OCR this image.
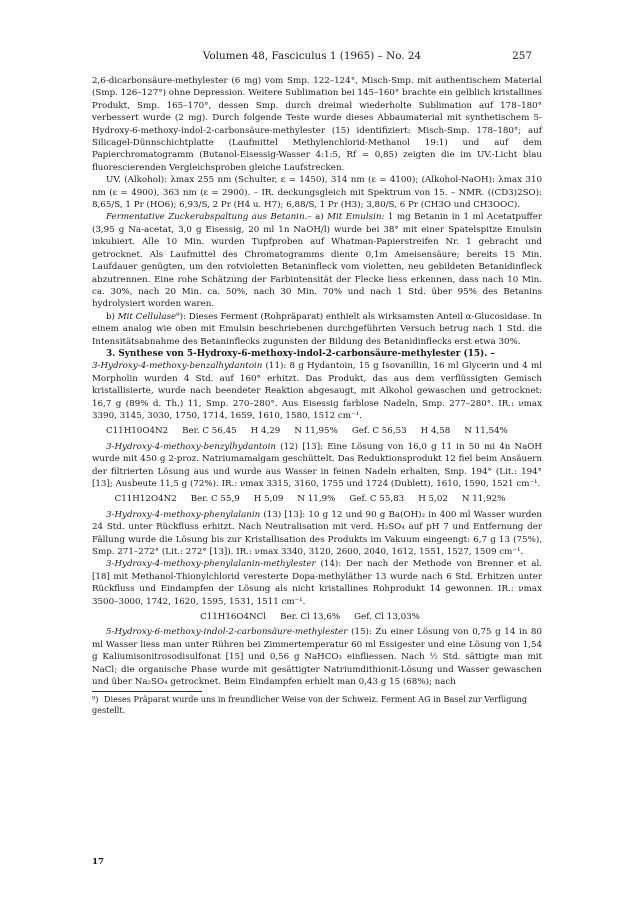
Volumen 48, Fasciculus 1 (1965) – No. 24	257

2,6-dicarbonsäure-methylester (6 mg) vom Smp. 122–124°, Misch-Smp. mit authentischem Material (Smp. 126–127°) ohne Depression. Weitere Sublimation bei 145–160° brachte ein gelblich kristallines Produkt, Smp. 165–170°, dessen Smp. durch dreimal wiederholte Sublimation auf 178–180° verbessert wurde (2 mg). Durch folgende Teste wurde dieses Abbaumaterial mit synthetischem 5-Hydroxy-6-methoxy-indol-2-carbonsäure-methylester (15) identifiziert: Misch-Smp. 178–180°; auf Silicagel-Dünnschichtplatte (Laufmittel Methylenchlorid-Methanol 19:1) und auf dem Papierchromatogramm (Butanol-Eisessig-Wasser 4:1:5, Rf = 0,85) zeigten die im UV.-Licht blau fluorescierenden Vergleichsproben gleiche Laufstrecken.

UV. (Alkohol): λmax 255 nm (Schulter, ε = 1450), 314 nm (ε = 4100); (Alkohol-NaOH): λmax 310 nm (ε = 4900), 363 nm (ε = 2900). – IR. deckungsgleich mit Spektrum von 15. – NMR. ((CD3)2SO): 8,65/S, 1 Pr (HO6); 6,93/S, 2 Pr (H4 u. H7); 6,88/S, 1 Pr (H3); 3,80/S, 6 Pr (CH3O und CH3OOC).

Fermentative Zuckerabspaltung aus Betanin.– a) Mit Emulsin: 1 mg Betanin in 1 ml Acetatpuffer (3,95 g Na-acetat, 3,0 g Eisessig, 20 ml 1n NaOH/l) wurde bei 38° mit einer Spatelspitze Emulsin inkubiert. Alle 10 Min. wurden Tupfproben auf Whatman-Papierstreifen Nr. 1 gebracht und getrocknet. Als Laufmittel des Chromatogramms diente 0,1m Ameisensäure; bereits 15 Min. Laufdauer genügten, um den rotvioletten Betaninfleck vom violetten, neu gebildeten Betanidinfleck abzutrennen. Eine rohe Schätzung der Farbintensität der Flecke liess erkennen, dass nach 10 Min. ca. 30%, nach 20 Min. ca. 50%, nach 30 Min. 70% und nach 1 Std. über 95% des Betanins hydrolysiert worden waren.

b) Mit Cellulase⁹): Dieses Ferment (Rohpräparat) enthielt als wirksamsten Anteil α-Glucosidase. In einem analog wie oben mit Emulsin beschriebenen durchgeführten Versuch betrug nach 1 Std. die Intensitätsabnahme des Betaninflecks zugunsten der Bildung des Betanidinflecks erst etwa 30%.

3. Synthese von 5-Hydroxy-6-methoxy-indol-2-carbonsäure-methylester (15). –

3-Hydroxy-4-methoxy-benzalhydantoin (11): 8 g Hydantoin, 15 g Isovanillin, 16 ml Glycerin und 4 ml Morpholin wurden 4 Std. auf 160° erhitzt. Das Produkt, das aus dem verflüssigten Gemisch kristallisierte, wurde nach beendeter Reaktion abgesaugt, mit Alkohol gewaschen und getrocknet: 16,7 g (89% d. Th.) 11, Smp. 270–280°. Aus Eisessig farblose Nadeln, Smp. 277–280°. IR.: νmax 3390, 3145, 3030, 1750, 1714, 1659, 1610, 1580, 1512 cm⁻¹.

C11H10O4N2 Ber. C 56,45 H 4,29 N 11,95% Gef. C 56,53 H 4,58 N 11,54%

3-Hydroxy-4-methoxy-benzylhydantoin (12) [13]: Eine Lösung von 16,0 g 11 in 50 mi 4n NaOH wurde mit 450 g 2-proz. Natriumamalgam geschüttelt. Das Reduktionsprodukt 12 fiel beim Ansäuern der filtrierten Lösung aus und wurde aus Wasser in feinen Nadeln erhalten, Smp. 194° (Lit.: 194° [13]; Ausbeute 11,5 g (72%). IR.: νmax 3315, 3160, 1755 und 1724 (Dublett), 1610, 1590, 1521 cm⁻¹.

C11H12O4N2 Ber. C 55,9 H 5,09 N 11,9% Gef. C 55,83 H 5,02 N 11,92%

3-Hydroxy-4-methoxy-phenylalanin (13) [13]: 10 g 12 und 90 g Ba(OH)₂ in 400 ml Wasser wurden 24 Std. unter Rückfluss erhitzt. Nach Neutralisation mit verd. H₂SO₄ auf pH 7 und Entfernung der Fällung wurde die Lösung bis zur Kristallisation des Produkts im Vakuum eingeengt: 6,7 g 13 (75%), Smp. 271–272° (Lit.: 272° [13]). IR.: νmax 3340, 3120, 2600, 2040, 1612, 1551, 1527, 1509 cm⁻¹.

3-Hydroxy-4-methoxy-phenylalanin-methylester (14): Der nach der Methode von Brenner et al. [18] mit Methanol-Thionylchlorid veresterte Dopa-methyläther 13 wurde nach 6 Std. Erhitzen unter Rückfluss und Eindampfen der Lösung als nicht kristallines Rohprodukt 14 gewonnen. IR.: νmax 3500–3000, 1742, 1620, 1595, 1531, 1511 cm⁻¹.

C11H16O4NCl Ber. Cl 13,6% Gef. Cl 13,03%

5-Hydroxy-6-methoxy-indol-2-carbonsäure-methylester (15): Zu einer Lösung von 0,75 g 14 in 80 ml Wasser liess man unter Rühren bei Zimmertemperatur 60 ml Essigester und eine Lösung von 1,54 g Kaliumisonitrosodisulfonat [15] und 0,56 g NaHCO₃ einfliessen. Nach ½ Std. sättigte man mit NaCl; die organische Phase wurde mit gesättigter Natriumdithionit-Lösung und Wasser gewaschen und über Na₂SO₄ getrocknet. Beim Eindampfen erhielt man 0,43 g 15 (68%); nach

⁹) Dieses Präparat wurde uns in freundlicher Weise von der Schweiz. Ferment AG in Basel zur Verfügung gestellt.

17
